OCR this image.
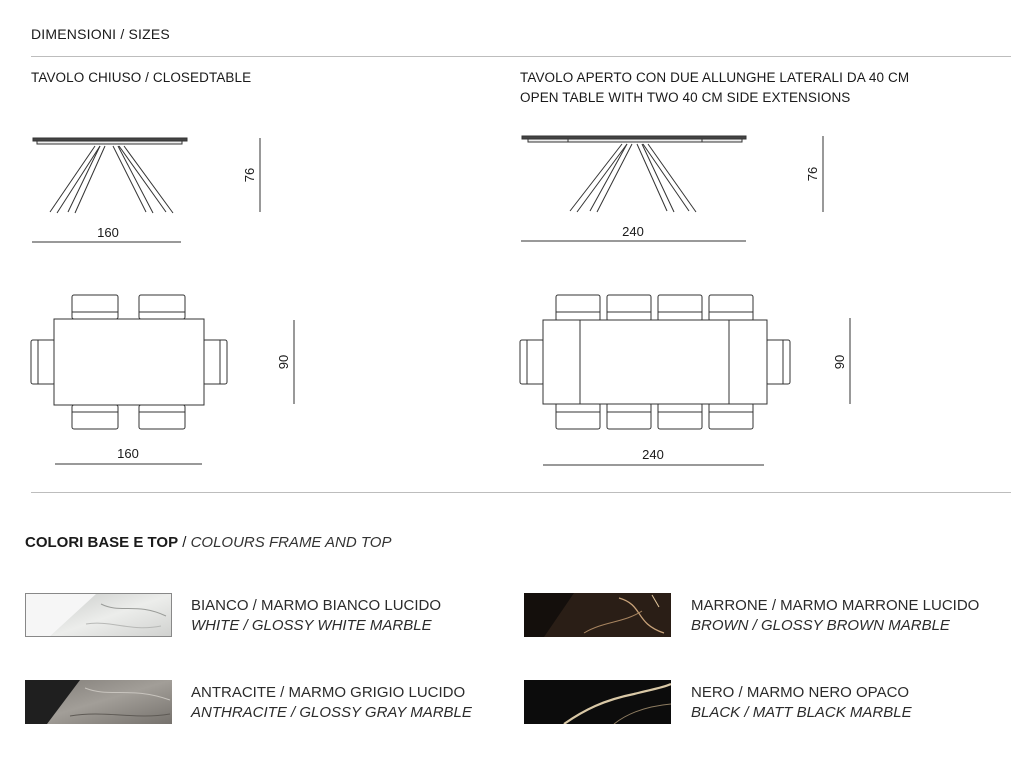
DIMENSIONI / SIZES
TAVOLO CHIUSO / CLOSEDTABLE	TAVOLO APERTO CON DUE ALLUNGHE LATERALI DA 40 CM
OPEN TABLE WITH TWO 40 CM SIDE EXTENSIONS
160
76
240
76
160
90
240
90
COLORI BASE E TOP / COLOURS FRAME AND TOP
BIANCO / MARMO BIANCO LUCIDO
WHITE / GLOSSY WHITE MARBLE
MARRONE / MARMO MARRONE LUCIDO
BROWN / GLOSSY BROWN MARBLE
ANTRACITE / MARMO GRIGIO LUCIDO
ANTHRACITE / GLOSSY GRAY MARBLE
NERO / MARMO NERO OPACO
BLACK / MATT BLACK MARBLE
